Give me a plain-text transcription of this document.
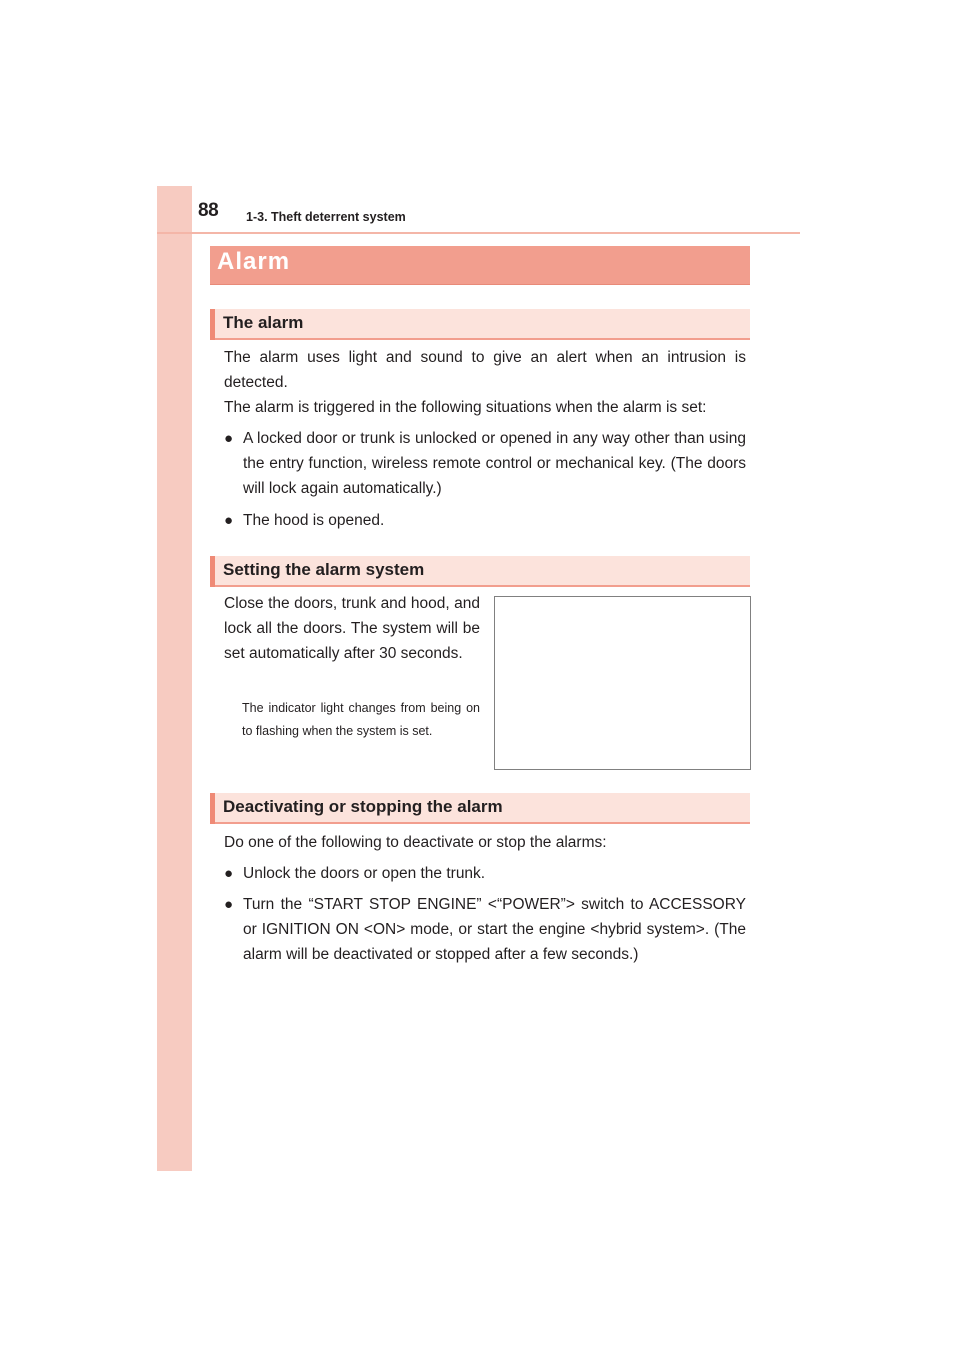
88 1-3. Theft deterrent system
Alarm
The alarm
The alarm uses light and sound to give an alert when an intrusion is detected.
The alarm is triggered in the following situations when the alarm is set:
● A locked door or trunk is unlocked or opened in any way other than using the entry function, wireless remote control or mechanical key. (The doors will lock again automatically.)
● The hood is opened.
Setting the alarm system
Close the doors, trunk and hood, and lock all the doors. The system will be set automatically after 30 seconds.
The indicator light changes from being on to flashing when the system is set.
Deactivating or stopping the alarm
Do one of the following to deactivate or stop the alarms:
● Unlock the doors or open the trunk.
● Turn the “START STOP ENGINE” <“POWER”> switch to ACCESSORY or IGNITION ON <ON> mode, or start the engine <hybrid system>. (The alarm will be deactivated or stopped after a few seconds.)
